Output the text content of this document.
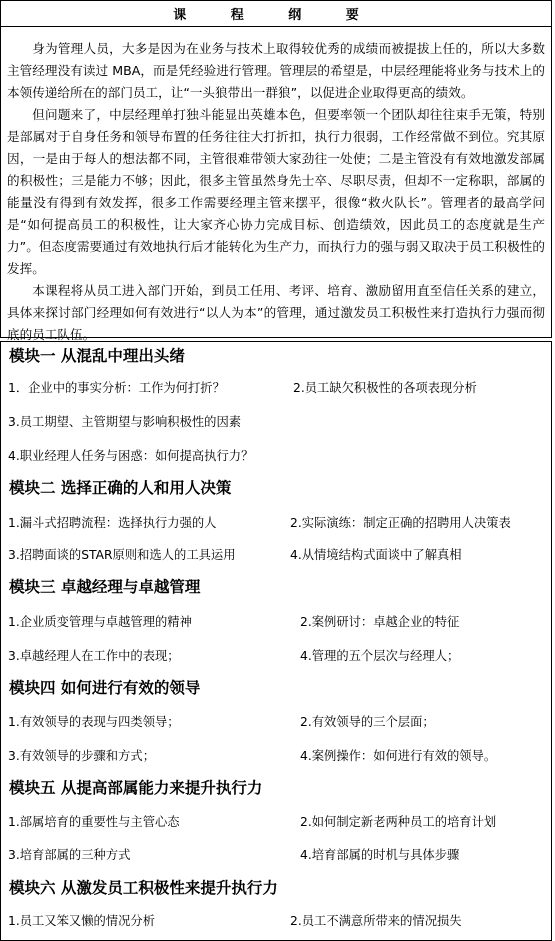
课 程 纲 要

身为管理人员，大多是因为在业务与技术上取得较优秀的成绩而被提拔上任的，所以大多数主管经理没有读过 MBA，而是凭经验进行管理。管理层的希望是，中层经理能将业务与技术上的本领传递给所在的部门员工，让“一头狼带出一群狼”，以促进企业取得更高的绩效。

但问题来了，中层经理单打独斗能显出英雄本色，但要率领一个团队却往往束手无策，特别是部属对于自身任务和领导布置的任务往往大打折扣，执行力很弱，工作经常做不到位。究其原因，一是由于每人的想法都不同，主管很难带领大家劲往一处使；二是主管没有有效地激发部属的积极性；三是能力不够；因此，很多主管虽然身先士卒、尽职尽责，但却不一定称职，部属的能量没有得到有效发挥，很多工作需要经理主管来摆平，很像“救火队长”。管理者的最高学问是“如何提高员工的积极性，让大家齐心协力完成目标、创造绩效，因此员工的态度就是生产力”。但态度需要通过有效地执行后才能转化为生产力，而执行力的强与弱又取决于员工积极性的发挥。

本课程将从员工进入部门开始，到员工任用、考评、培育、激励留用直至信任关系的建立，具体来探讨部门经理如何有效进行“以人为本”的管理，通过激发员工积极性来打造执行力强而彻底的员工队伍。

模块一 从混乱中理出头绪
1．企业中的事实分析：工作为何打折？	2.员工缺欠积极性的各项表现分析
3.员工期望、主管期望与影响积极性的因素
4.职业经理人任务与困惑：如何提高执行力？
模块二 选择正确的人和用人决策
1.漏斗式招聘流程：选择执行力强的人	2.实际演练：制定正确的招聘用人决策表
3.招聘面谈的STAR原则和选人的工具运用	4.从情境结构式面谈中了解真相
模块三 卓越经理与卓越管理
1.企业质变管理与卓越管理的精神	2.案例研讨：卓越企业的特征
3.卓越经理人在工作中的表现；	4.管理的五个层次与经理人；
模块四 如何进行有效的领导
1.有效领导的表现与四类领导；	2.有效领导的三个层面；
3.有效领导的步骤和方式；	4.案例操作：如何进行有效的领导。
模块五 从提高部属能力来提升执行力
1.部属培育的重要性与主管心态	2.如何制定新老两种员工的培育计划
3.培育部属的三种方式	4.培育部属的时机与具体步骤
模块六 从激发员工积极性来提升执行力
1.员工又笨又懒的情况分析	2.员工不满意所带来的情况损失
